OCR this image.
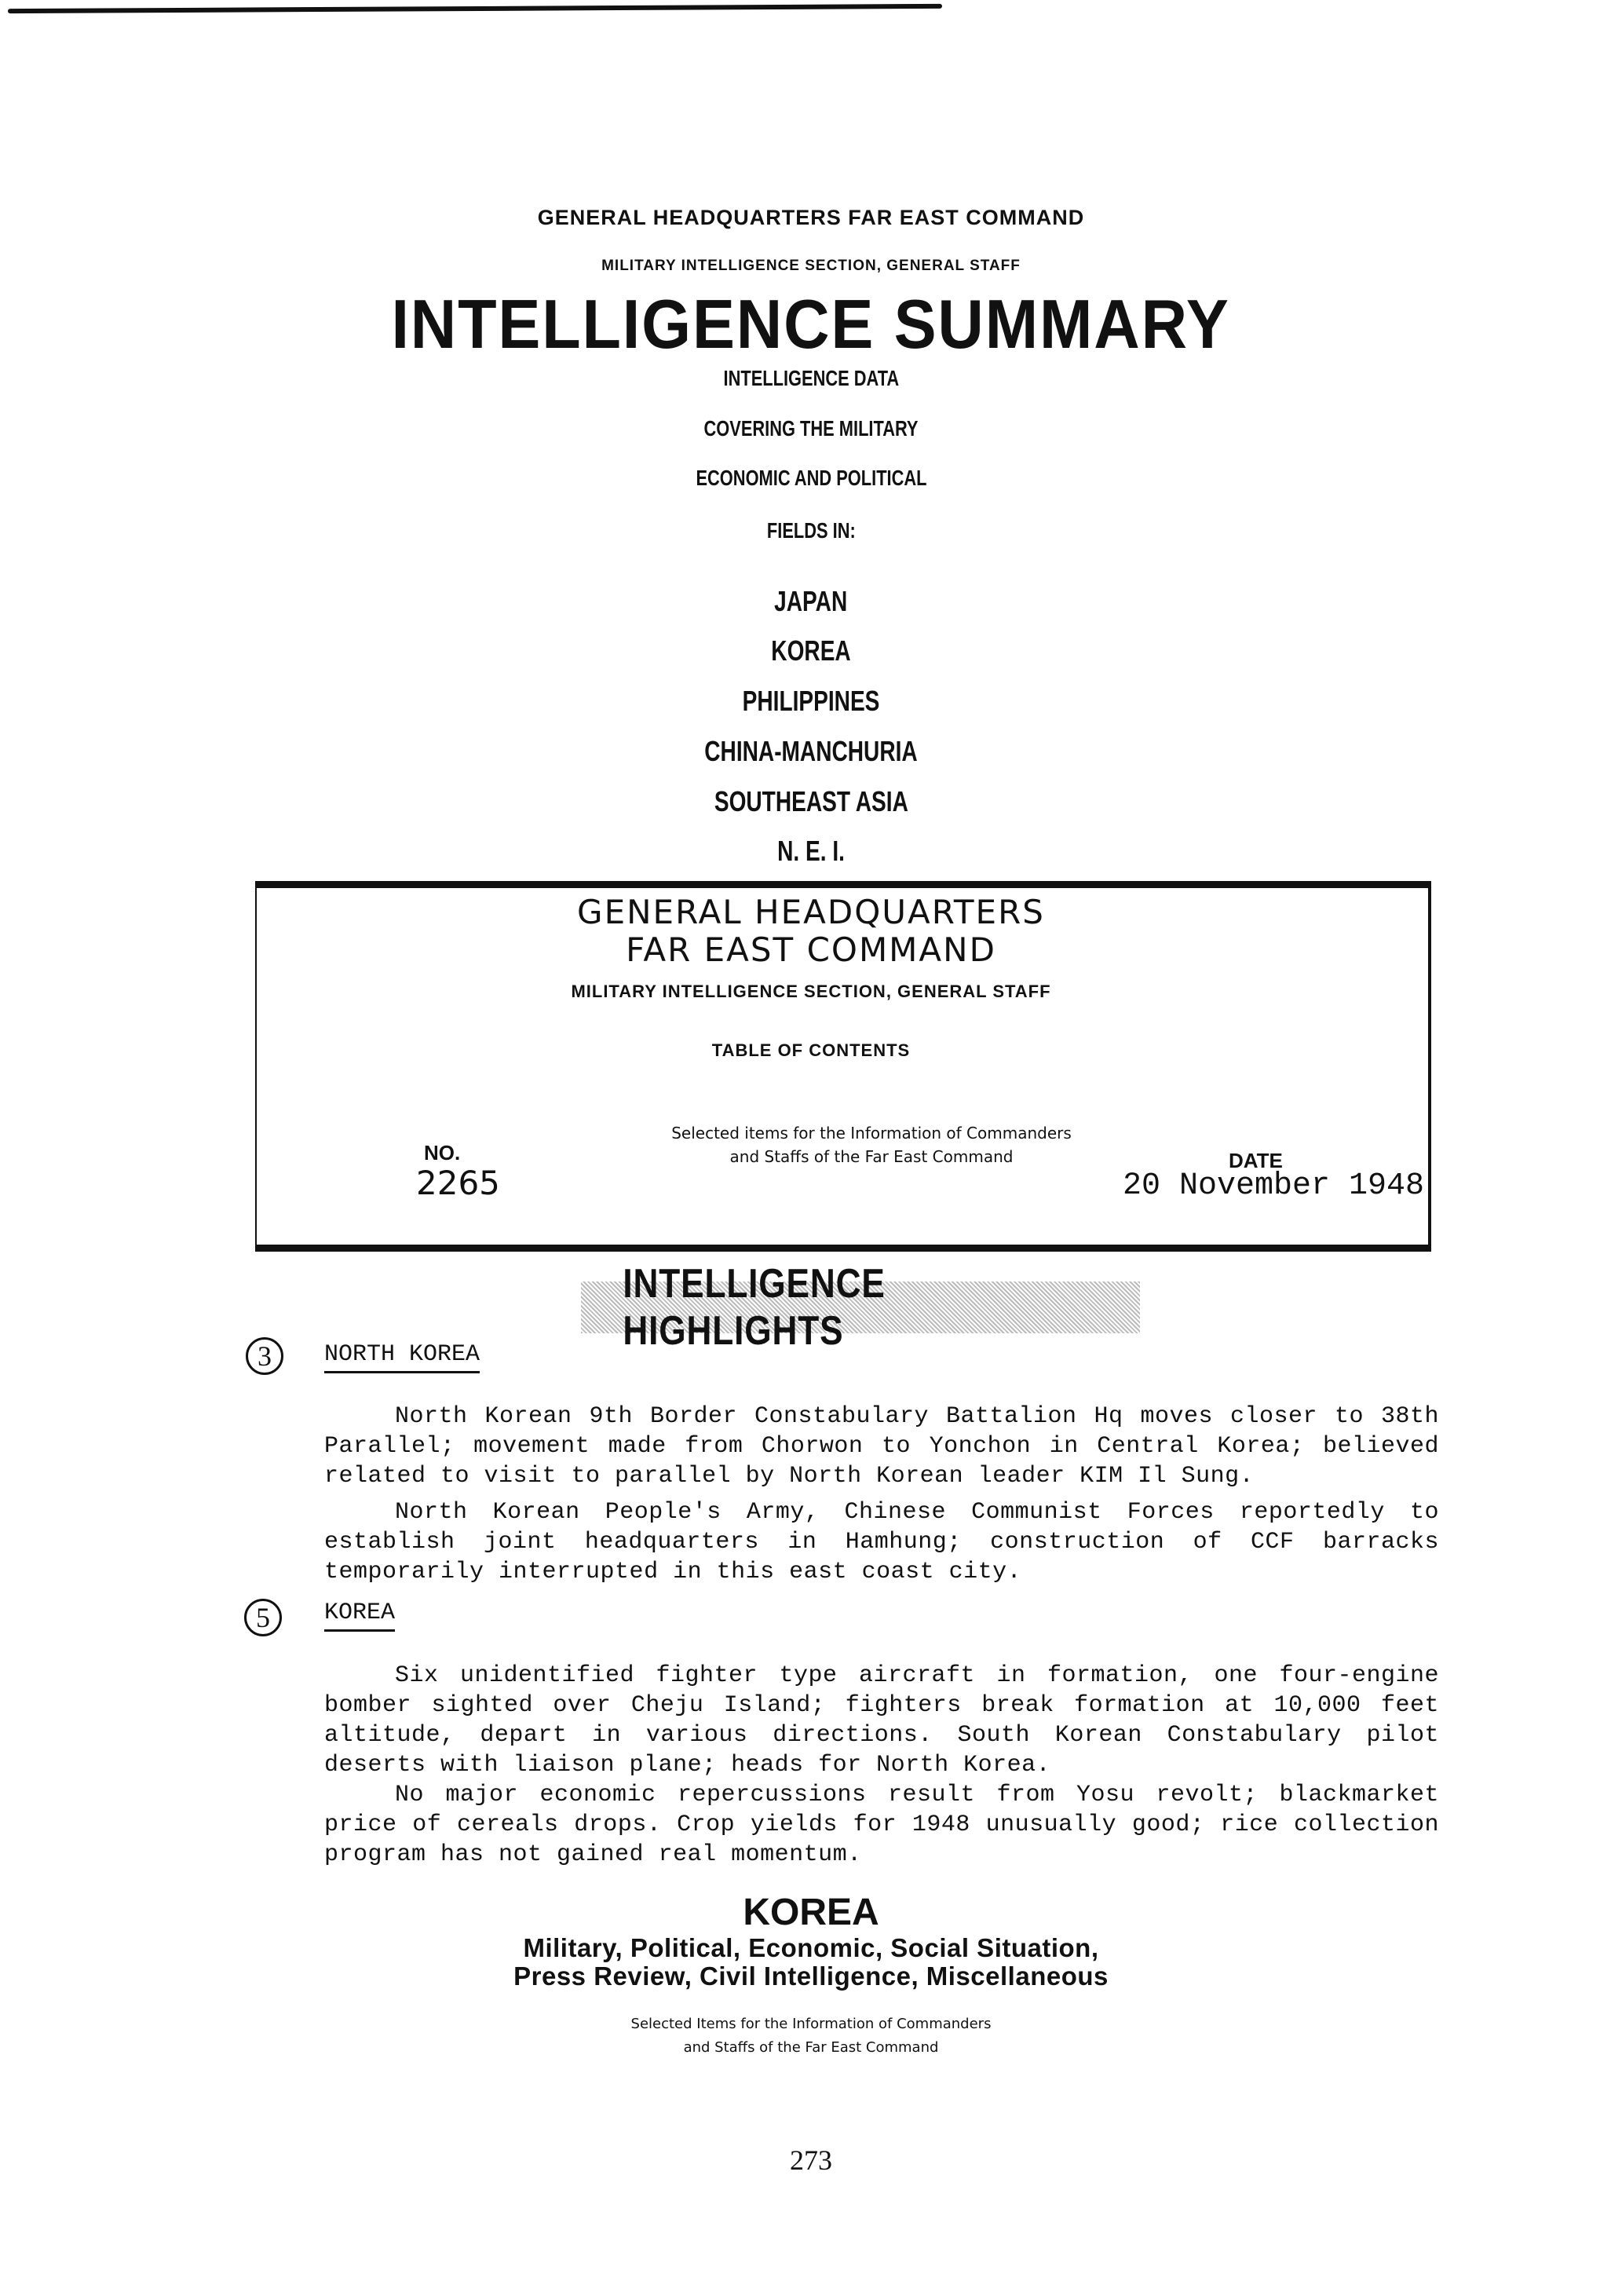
GENERAL HEADQUARTERS FAR EAST COMMAND
MILITARY INTELLIGENCE SECTION, GENERAL STAFF
INTELLIGENCE SUMMARY
INTELLIGENCE DATA
COVERING THE MILITARY
ECONOMIC AND POLITICAL
FIELDS IN:
JAPAN
KOREA
PHILIPPINES
CHINA-MANCHURIA
SOUTHEAST ASIA
N. E. I.
GENERAL HEADQUARTERS
FAR EAST COMMAND
MILITARY INTELLIGENCE SECTION, GENERAL STAFF
TABLE OF CONTENTS
Selected items for the Information of Commanders
and Staffs of the Far East Command
NO.
2265
DATE
20 November 1948
INTELLIGENCE HIGHLIGHTS
3 NORTH KOREA

North Korean 9th Border Constabulary Battalion Hq moves closer to 38th Parallel; movement made from Chorwon to Yonchon in Central Korea; believed related to visit to parallel by North Korean leader KIM Il Sung.

North Korean People's Army, Chinese Communist Forces reportedly to establish joint headquarters in Hamhung; construction of CCF barracks temporarily interrupted in this east coast city.

5 KOREA

Six unidentified fighter type aircraft in formation, one four-engine bomber sighted over Cheju Island; fighters break formation at 10,000 feet altitude, depart in various directions. South Korean Constabulary pilot deserts with liaison plane; heads for North Korea.

No major economic repercussions result from Yosu revolt; blackmarket price of cereals drops. Crop yields for 1948 unusually good; rice collection program has not gained real momentum.

KOREA
Military, Political, Economic, Social Situation,
Press Review, Civil Intelligence, Miscellaneous
Selected Items for the Information of Commanders
and Staffs of the Far East Command
273
